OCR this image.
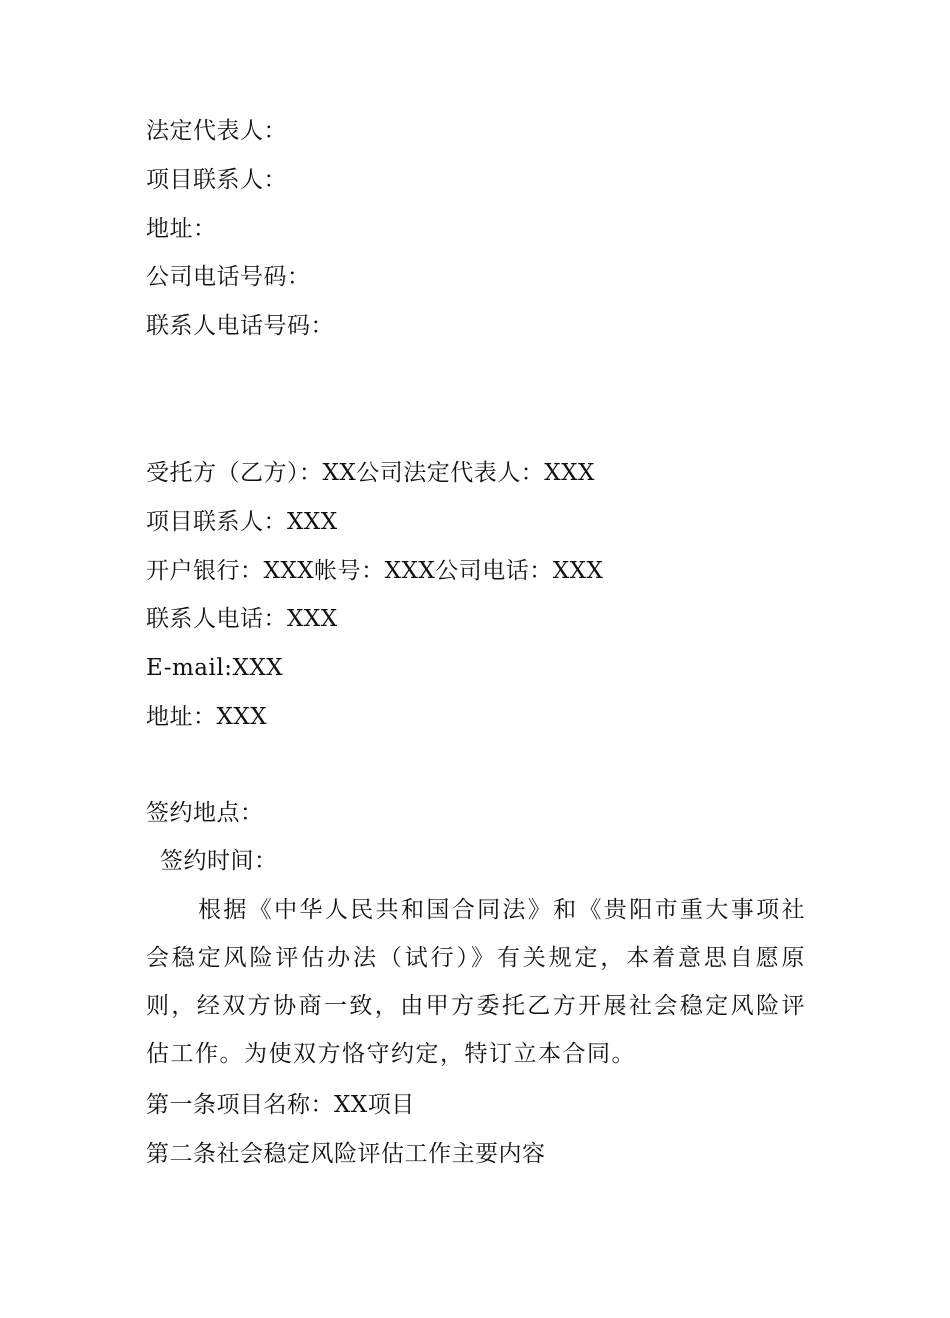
法定代表人：
项目联系人：
地址：
公司电话号码：
联系人电话号码：
受托方（乙方）：XX公司法定代表人：XXX
项目联系人：XXX
开户银行：XXX帐号：XXX公司电话：XXX
联系人电话：XXX
E-mail:XXX
地址：XXX
签约地点：
签约时间：
根据《中华人民共和国合同法》和《贵阳市重大事项社会稳定风险评估办法（试行）》有关规定，本着意思自愿原则，经双方协商一致，由甲方委托乙方开展社会稳定风险评估工作。为使双方恪守约定，特订立本合同。
第一条项目名称：XX项目
第二条社会稳定风险评估工作主要内容
